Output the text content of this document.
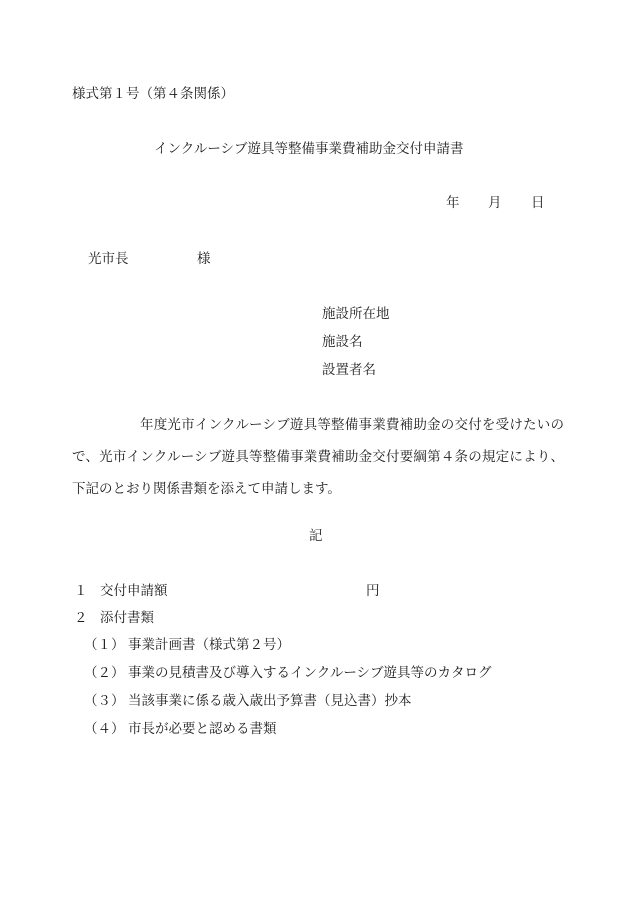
様式第１号（第４条関係）
インクルーシブ遊具等整備事業費補助金交付申請書
年 月 日
光市長	様
施設所在地
施設名
設置者名

年度光市インクルーシブ遊具等整備事業費補助金の交付を受けたいので、光市インクルーシブ遊具等整備事業費補助金交付要綱第４条の規定により、下記のとおり関係書類を添えて申請します。

記
１ 交付申請額	円
２ 添付書類
（１） 事業計画書（様式第２号）
（２） 事業の見積書及び導入するインクルーシブ遊具等のカタログ
（３） 当該事業に係る歳入歳出予算書（見込書）抄本
（４） 市長が必要と認める書類
